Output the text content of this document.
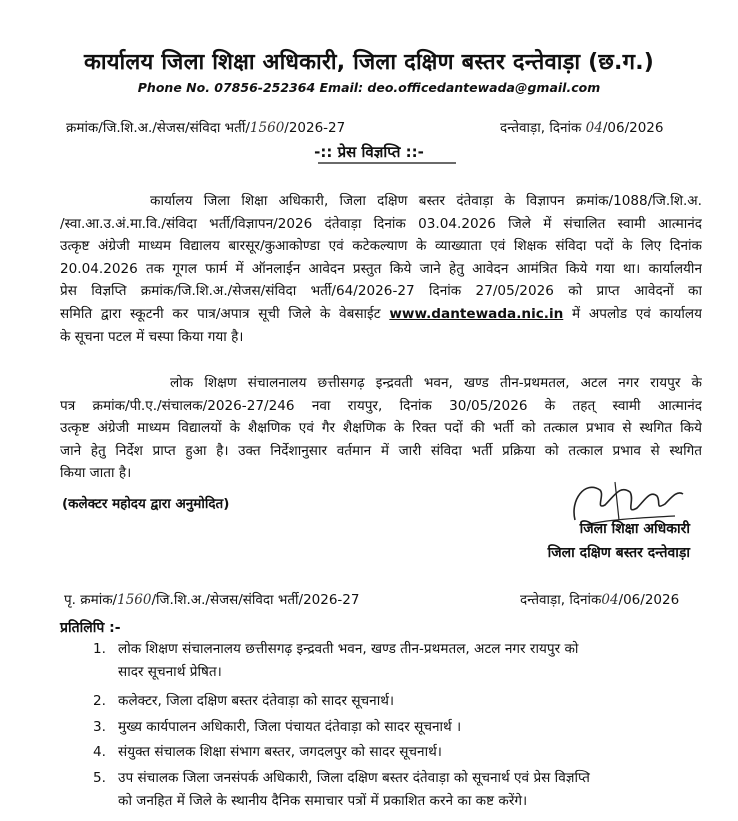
कार्यालय जिला शिक्षा अधिकारी, जिला दक्षिण बस्तर दन्तेवाड़ा (छ.ग.)
Phone No. 07856-252364 Email: deo.officedantewada@gmail.com
क्रमांक/जि.शि.अ./सेजस/संविदा भर्ती/1560/2026-27	दन्तेवाड़ा, दिनांक 04/06/2026
-:: प्रेस विज्ञप्ति ::-
कार्यालय जिला शिक्षा अधिकारी, जिला दक्षिण बस्तर दंतेवाड़ा के विज्ञापन क्रमांक/1088/जि.शि.अ.
/स्वा.आ.उ.अं.मा.वि./संविदा भर्ती/विज्ञापन/2026 दंतेवाड़ा दिनांक 03.04.2026 जिले में संचालित स्वामी आत्मानंद
उत्कृष्ट अंग्रेजी माध्यम विद्यालय बारसूर/कुआकोण्डा एवं कटेकल्याण के व्याख्याता एवं शिक्षक संविदा पदों के लिए दिनांक
20.04.2026 तक गूगल फार्म में ऑनलाईन आवेदन प्रस्तुत किये जाने हेतु आवेदन आमंत्रित किये गया था। कार्यालयीन
प्रेस विज्ञप्ति क्रमांक/जि.शि.अ./सेजस/संविदा भर्ती/64/2026-27 दिनांक 27/05/2026 को प्राप्त आवेदनों का
समिति द्वारा स्कूटनी कर पात्र/अपात्र सूची जिले के वेबसाईट www.dantewada.nic.in में अपलोड एवं कार्यालय
के सूचना पटल में चस्पा किया गया है।
लोक शिक्षण संचालनालय छत्तीसगढ़ इन्द्रवती भवन, खण्ड तीन-प्रथमतल, अटल नगर रायपुर के
पत्र क्रमांक/पी.ए./संचालक/2026-27/246 नवा रायपुर, दिनांक 30/05/2026 के तहत् स्वामी आत्मानंद
उत्कृष्ट अंग्रेजी माध्यम विद्यालयों के शैक्षणिक एवं गैर शैक्षणिक के रिक्त पदों की भर्ती को तत्काल प्रभाव से स्थगित किये
जाने हेतु निर्देश प्राप्त हुआ है। उक्त निर्देशानुसार वर्तमान में जारी संविदा भर्ती प्रक्रिया को तत्काल प्रभाव से स्थगित
किया जाता है।
(कलेक्टर महोदय द्वारा अनुमोदित)
जिला शिक्षा अधिकारी
जिला दक्षिण बस्तर दन्तेवाड़ा
पृ. क्रमांक/1560/जि.शि.अ./सेजस/संविदा भर्ती/2026-27	दन्तेवाड़ा, दिनांक04/06/2026
प्रतिलिपि :-
1. लोक शिक्षण संचालनालय छत्तीसगढ़ इन्द्रवती भवन, खण्ड तीन-प्रथमतल, अटल नगर रायपुर को
सादर सूचनार्थ प्रेषित।
2. कलेक्टर, जिला दक्षिण बस्तर दंतेवाड़ा को सादर सूचनार्थ।
3. मुख्य कार्यपालन अधिकारी, जिला पंचायत दंतेवाड़ा को सादर सूचनार्थ ।
4. संयुक्त संचालक शिक्षा संभाग बस्तर, जगदलपुर को सादर सूचनार्थ।
5. उप संचालक जिला जनसंपर्क अधिकारी, जिला दक्षिण बस्तर दंतेवाड़ा को सूचनार्थ एवं प्रेस विज्ञप्ति
को जनहित में जिले के स्थानीय दैनिक समाचार पत्रों में प्रकाशित करने का कष्ट करेंगे।
